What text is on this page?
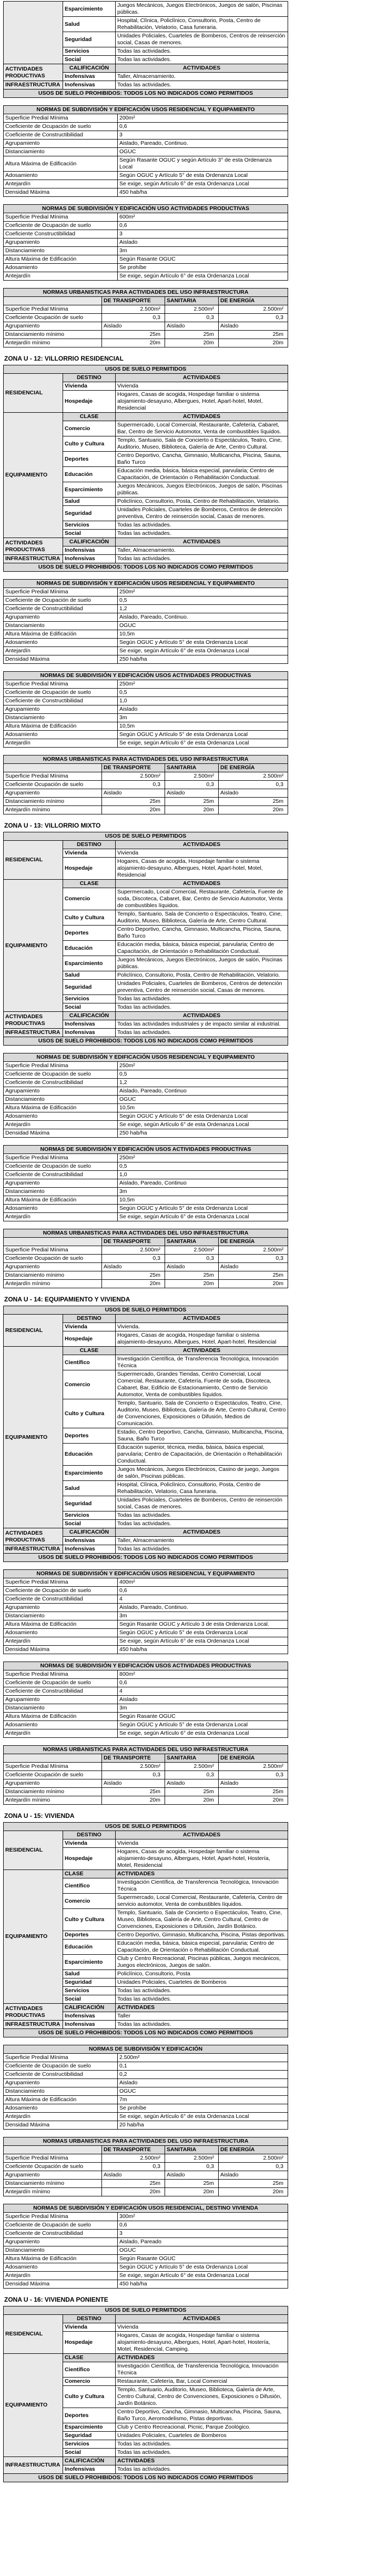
	Esparcimiento	Juegos Mecánicos, Juegos Electrónicos, Juegos de salón, Piscinas públicas.
	Salud	Hospital, Clínica, Policlínico, Consultorio, Posta, Centro de Rehabilitación, Velatorio, Casa funeraria.
	Seguridad	Unidades Policiales, Cuarteles de Bomberos, Centros de reinserción social, Casas de menores.
	Servicios	Todas las actividades.
	Social	Todas las actividades.
ACTIVIDADES PRODUCTIVAS	CALIFICACIÓN	ACTIVIDADES
	Inofensivas	Taller, Almacenamiento.
INFRAESTRUCTURA	Inofensivas	Todas las actividades.
USOS DE SUELO PROHIBIDOS: TODOS LOS NO INDICADOS COMO PERMITIDOS		
NORMAS DE SUBDIVISIÓN Y EDIFICACIÓN USOS RESIDENCIAL Y EQUIPAMIENTO	
Superficie Predial Mínima	200m²
Coeficiente de Ocupación de suelo	0,6
Coeficiente de Constructibilidad	3
Agrupamiento	Aislado, Pareado, Continuo.
Distanciamiento	OGUC
Altura Máxima de Edificación	Según Rasante OGUC y según Artículo 3° de esta Ordenanza Local
Adosamiento	Según OGUC y Artículo 5° de esta Ordenanza Local
Antejardín	Se exige, según Artículo 6° de esta Ordenanza Local
Densidad Máxima	450 hab/ha
NORMAS DE SUBDIVISIÓN Y EDIFICACIÓN USO ACTIVIDADES PRODUCTIVAS	
Superficie Predial Mínima	600m²
Coeficiente de Ocupación de suelo	0,6
Coeficiente Constructibilidad	3
Agrupamiento	Aislado
Distanciamiento	3m
Altura Máxima de Edificación	Según Rasante OGUC
Adosamiento	Se prohíbe
Antejardín	Se exige, según Artículo 6° de esta Ordenanza Local
NORMAS URBANISTICAS PARA ACTIVIDADES DEL USO INFRAESTRUCTURA			
	DE TRANSPORTE	SANITARIA	DE ENERGÍA
Superficie Predial Mínima	2.500m²	2.500m²	2.500m²
Coeficiente Ocupación de suelo	0,3	0,3	0,3
Agrupamiento	Aislado	Aislado	Aislado
Distanciamiento mínimo	25m	25m	25m
Antejardín mínimo	20m	20m	20m
ZONA U - 12: VILLORRIO RESIDENCIAL
USOS DE SUELO PERMITIDOS		
RESIDENCIAL	DESTINO	ACTIVIDADES
	Vivienda	Vivienda
	Hospedaje	Hogares, Casas de acogida, Hospedaje familiar o sistema alojamiento-desayuno, Albergues, Hotel, Apart-hotel, Motel, Residencial
EQUIPAMIENTO	CLASE	ACTIVIDADES
	Comercio	Supermercado, Local Comercial, Restaurante, Cafetería, Cabaret, Bar, Centro de Servicio Automotor, Venta de combustibles líquidos.
	Culto y Cultura	Templo, Santuario, Sala de Concierto o Espectáculos, Teatro, Cine, Auditorio, Museo, Biblioteca, Galería de Arte, Centro Cultural.
	Deportes	Centro Deportivo, Cancha, Gimnasio, Multicancha, Piscina, Sauna, Baño Turco
	Educación	Educación media, básica, básica especial, parvularia; Centro de Capacitación, de Orientación o Rehabilitación Conductual.
	Esparcimiento	Juegos Mecánicos, Juegos Electrónicos, Juegos de salón, Piscinas públicas.
	Salud	Policlínico, Consultorio, Posta, Centro de Rehabilitación, Velatorio.
	Seguridad	Unidades Policiales, Cuarteles de Bomberos, Centros de detención preventiva, Centro de reinserción social, Casas de menores.
	Servicios	Todas las actividades.
	Social	Todas las actividades.
ACTIVIDADES PRODUCTIVAS	CALIFICACIÓN	ACTIVIDADES
	Inofensivas	Taller, Almacenamiento.
INFRAESTRUCTURA	Inofensivas	Todas las actividades.
USOS DE SUELO PROHIBIDOS: TODOS LOS NO INDICADOS COMO PERMITIDOS		
NORMAS DE SUBDIVISIÓN Y EDIFICACIÓN USOS RESIDENCIAL Y EQUIPAMIENTO	
Superficie Predial Mínima	250m²
Coeficiente de Ocupación de suelo	0,5
Coeficiente de Constructibilidad	1,2
Agrupamiento	Aislado, Pareado, Continuo.
Distanciamiento	OGUC
Altura Máxima de Edificación	10,5m
Adosamiento	Según OGUC y Artículo 5° de esta Ordenanza Local
Antejardín	Se exige, según Artículo 6° de esta Ordenanza Local
Densidad Máxima	250 hab/ha
NORMAS DE SUBDIVISIÓN Y EDIFICACIÓN USOS ACTIVIDADES PRODUCTIVAS	
Superficie Predial Mínima	250m²
Coeficiente de Ocupación de suelo	0,5
Coeficiente de Constructibilidad	1,0
Agrupamiento	Aislado
Distanciamiento	3m
Altura Máxima de Edificación	10,5m
Adosamiento	Según OGUC y Artículo 5° de esta Ordenanza Local
Antejardín	Se exige, según Artículo 6° de esta Ordenanza Local
NORMAS URBANISTICAS PARA ACTIVIDADES DEL USO INFRAESTRUCTURA			
	DE TRANSPORTE	SANITARIA	DE ENERGÍA
Superficie Predial Mínima	2.500m²	2.500m²	2.500m²
Coeficiente Ocupación de suelo	0,3	0,3	0,3
Agrupamiento	Aislado	Aislado	Aislado
Distanciamiento mínimo	25m	25m	25m
Antejardín mínimo	20m	20m	20m
ZONA U - 13: VILLORRIO MIXTO
USOS DE SUELO PERMITIDOS		
RESIDENCIAL	DESTINO	ACTIVIDADES
	Vivienda	Vivienda
	Hospedaje	Hogares, Casas de acogida, Hospedaje familiar o sistema alojamiento-desayuno, Albergues, Hotel, Apart-hotel, Motel, Residencial
EQUIPAMIENTO	CLASE	ACTIVIDADES
	Comercio	Supermercado, Local Comercial, Restaurante, Cafetería, Fuente de soda, Discoteca, Cabaret, Bar, Centro de Servicio Automotor, Venta de combustibles líquidos.
	Culto y Cultura	Templo, Santuario, Sala de Concierto o Espectáculos, Teatro, Cine, Auditorio, Museo, Biblioteca, Galería de Arte, Centro Cultural.
	Deportes	Centro Deportivo, Cancha, Gimnasio, Multicancha, Piscina, Sauna, Baño Turco
	Educación	Educación media, básica, básica especial, parvularia; Centro de Capacitación, de Orientación o Rehabilitación Conductual.
	Esparcimiento	Juegos Mecánicos, Juegos Electrónicos, Juegos de salón, Piscinas públicas.
	Salud	Policlínico, Consultorio, Posta, Centro de Rehabilitación, Velatorio.
	Seguridad	Unidades Policiales, Cuarteles de Bomberos, Centros de detención preventiva, Centro de reinserción social, Casas de menores.
	Servicios	Todas las actividades.
	Social	Todas las actividades.
ACTIVIDADES PRODUCTIVAS	CALIFICACIÓN	ACTIVIDADES
	Inofensivas	Todas las actividades industriales y de impacto similar al industrial.
INFRAESTRUCTURA	Inofensivas	Todas las actividades.
USOS DE SUELO PROHIBIDOS: TODOS LOS NO INDICADOS COMO PERMITIDOS		
NORMAS DE SUBDIVISIÓN Y EDIFICACIÓN USOS RESIDENCIAL Y EQUIPAMIENTO	
Superficie Predial Mínima	250m²
Coeficiente de Ocupación de suelo	0,5
Coeficiente de Constructibilidad	1,2
Agrupamiento	Aislado, Pareado, Continuo
Distanciamiento	OGUC
Altura Máxima de Edificación	10,5m
Adosamiento	Según OGUC y Artículo 5° de esta Ordenanza Local
Antejardín	Se exige, según Artículo 6° de esta Ordenanza Local
Densidad Máxima	250 hab/ha
NORMAS DE SUBDIVISIÓN Y EDIFICACIÓN USOS ACTIVIDADES PRODUCTIVAS	
Superficie Predial Mínima	250m²
Coeficiente de Ocupación de suelo	0,5
Coeficiente de Constructibilidad	1,0
Agrupamiento	Aislado, Pareado, Continuo
Distanciamiento	3m
Altura Máxima de Edificación	10,5m
Adosamiento	Según OGUC y Artículo 5° de esta Ordenanza Local
Antejardín	Se exige, según Artículo 6° de esta Ordenanza Local
NORMAS URBANISTICAS PARA ACTIVIDADES DEL USO INFRAESTRUCTURA			
	DE TRANSPORTE	SANITARIA	DE ENERGÍA
Superficie Predial Mínima	2.500m²	2.500m²	2.500m²
Coeficiente Ocupación de suelo	0,3	0,3	0,3
Agrupamiento	Aislado	Aislado	Aislado
Distanciamiento mínimo	25m	25m	25m
Antejardín mínimo	20m	20m	20m
ZONA U - 14: EQUIPAMIENTO Y VIVIENDA
USOS DE SUELO PERMITIDOS		
RESIDENCIAL	DESTINO	ACTIVIDADES
	Vivienda	Vivienda.
	Hospedaje	Hogares, Casas de acogida, Hospedaje familiar o sistema alojamiento-desayuno, Albergues, Hotel, Apart-hotel, Residencial
EQUIPAMIENTO	CLASE	ACTIVIDADES
	Científico	Investigación Científica, de Transferencia Tecnológica, Innovación Técnica
	Comercio	Supermercado, Grandes Tiendas, Centro Comercial, Local Comercial, Restaurante, Cafetería, Fuente de soda, Discoteca, Cabaret, Bar, Edificio de Estacionamiento, Centro de Servicio Automotor, Venta de combustibles líquidos.
	Culto y Cultura	Templo, Santuario, Sala de Concierto o Espectáculos, Teatro, Cine, Auditorio, Museo, Biblioteca, Galería de Arte, Centro Cultural, Centro de Convenciones, Exposiciones o Difusión, Medios de Comunicación.
	Deportes	Estadio, Centro Deportivo, Cancha, Gimnasio, Multicancha, Piscina, Sauna, Baño Turco
	Educación	Educación superior, técnica, media, básica, básica especial, parvularia; Centro de Capacitación, de Orientación o Rehabilitación Conductual.
	Esparcimiento	Juegos Mecánicos, Juegos Electrónicos, Casino de juego, Juegos de salón, Piscinas públicas.
	Salud	Hospital, Clínica, Policlínico, Consultorio, Posta, Centro de Rehabilitación, Velatorio, Casa funeraria.
	Seguridad	Unidades Policiales, Cuarteles de Bomberos, Centro de reinserción social, Casas de menores.
	Servicios	Todas las actividades.
	Social	Todas las actividades.
ACTIVIDADES PRODUCTIVAS	CALIFICACIÓN	ACTIVIDADES
	Inofensivas	Taller, Almacenamiento
INFRAESTRUCTURA	Inofensivas	Todas las actividades.
USOS DE SUELO PROHIBIDOS: TODOS LOS NO INDICADOS COMO PERMITIDOS		
NORMAS DE SUBDIVISIÓN Y EDIFICACIÓN USOS RESIDENCIAL Y EQUIPAMIENTO	
Superficie Predial Mínima	400m²
Coeficiente de Ocupación de suelo	0,6
Coeficiente de Constructibilidad	4
Agrupamiento	Aislado, Pareado, Continuo.
Distanciamiento	3m
Altura Máxima de Edificación	Según Rasante OGUC y Artículo 3 de esta Ordenanza Local.
Adosamiento	Según OGUC y Artículo 5° de esta Ordenanza Local
Antejardín	Se exige, según Artículo 6° de esta Ordenanza Local
Densidad Máxima	450 hab/ha
NORMAS DE SUBDIVISIÓN Y EDIFICACIÓN USOS ACTIVIDADES PRODUCTIVAS	
Superficie Predial Mínima	800m²
Coeficiente de Ocupación de suelo	0,6
Coeficiente de Constructibilidad	4
Agrupamiento	Aislado
Distanciamiento	3m
Altura Máxima de Edificación	Según Rasante OGUC
Adosamiento	Según OGUC y Artículo 5° de esta Ordenanza Local
Antejardín	Se exige, según Artículo 6° de esta Ordenanza Local
NORMAS URBANISTICAS PARA ACTIVIDADES DEL USO INFRAESTRUCTURA			
	DE TRANSPORTE	SANITARIA	DE ENERGÍA
Superficie Predial Mínima	2.500m²	2.500m²	2.500m²
Coeficiente Ocupación de suelo	0,3	0,3	0,3
Agrupamiento	Aislado	Aislado	Aislado
Distanciamiento mínimo	25m	25m	25m
Antejardín mínimo	20m	20m	20m
ZONA U - 15: VIVIENDA
USOS DE SUELO PERMITIDOS		
RESIDENCIAL	DESTINO	ACTIVIDADES
	Vivienda	Vivienda
	Hospedaje	Hogares, Casas de acogida, Hospedaje familiar o sistema alojamiento-desayuno, Albergues, Hotel, Apart-hotel, Hostería, Motel, Residencial
EQUIPAMIENTO	CLASE	ACTIVIDADES
	Científico	Investigación Científica, de Transferencia Tecnológica, Innovación Técnica
	Comercio	Supermercado, Local Comercial, Restaurante, Cafetería, Centro de servicio automotor, Venta de combustibles líquidos.
	Culto y Cultura	Templo, Santuario, Sala de Concierto o Espectáculos, Teatro, Cine, Museo, Biblioteca, Galería de Arte, Centro Cultural, Centro de Convenciones, Exposiciones o Difusión, Jardín Botánico.
	Deportes	Centro Deportivo, Gimnasio, Multicancha, Piscina, Pistas deportivas.
	Educación	Educación media, básica, básica especial, parvularia; Centro de Capacitación, de Orientación o Rehabilitación Conductual.
	Esparcimiento	Club y Centro Recreacional, Piscinas públicas, Juegos mecánicos, Juegos electrónicos, Juegos de salón.
	Salud	Policlínico, Consultorio, Posta
	Seguridad	Unidades Policiales, Cuarteles de Bomberos
	Servicios	Todas las actividades.
	Social	Todas las actividades.
ACTIVIDADES PRODUCTIVAS	CALIFICACIÓN	ACTIVIDADES
	Inofensivas	Taller
INFRAESTRUCTURA	Inofensivas	Todas las actividades.
USOS DE SUELO PROHIBIDOS: TODOS LOS NO INDICADOS COMO PERMITIDOS		
NORMAS DE SUBDIVISIÓN Y EDIFICACIÓN	
Superficie Predial Mínima	2.500m²
Coeficiente de Ocupación de suelo	0,1
Coeficiente de Constructibilidad	0,2
Agrupamiento	Aislado
Distanciamiento	OGUC
Altura Máxima de Edificación	7m
Adosamiento	Se prohíbe
Antejardín	Se exige, según Artículo 6° de esta Ordenanza Local
Densidad Máxima	20 hab/ha
NORMAS URBANISTICAS PARA ACTIVIDADES DEL USO INFRAESTRUCTURA			
	DE TRANSPORTE	SANITARIA	DE ENERGÍA
Superficie Predial Mínima	2.500m²	2.500m²	2.500m²
Coeficiente Ocupación de suelo	0,3	0,3	0,3
Agrupamiento	Aislado	Aislado	Aislado
Distanciamiento mínimo	25m	25m	25m
Antejardín mínimo	20m	20m	20m
NORMAS DE SUBDIVISIÓN Y EDIFICACIÓN USOS RESIDENCIAL, DESTINO VIVIENDA	
Superficie Predial Mínima	300m²
Coeficiente de Ocupación de suelo	0,6
Coeficiente de Constructibilidad	3
Agrupamiento	Aislado, Pareado
Distanciamiento	OGUC
Altura Máxima de Edificación	Según Rasante OGUC
Adosamiento	Según OGUC y Artículo 5° de esta Ordenanza Local
Antejardín	Se exige, según Artículo 6° de esta Ordenanza Local
Densidad Máxima	450 hab/ha
ZONA U - 16: VIVIENDA PONIENTE
USOS DE SUELO PERMITIDOS		
RESIDENCIAL	DESTINO	ACTIVIDADES
	Vivienda	Vivienda
	Hospedaje	Hogares, Casas de acogida, Hospedaje familiar o sistema alojamiento-desayuno, Albergues, Hotel, Apart-hotel, Hostería, Motel, Residencial, Camping.
EQUIPAMIENTO	CLASE	ACTIVIDADES
	Científico	Investigación Científica, de Transferencia Tecnológica, Innovación Técnica
	Comercio	Restaurante, Cafetería, Bar, Local Comercial
	Culto y Cultura	Templo, Santuario, Auditorio, Museo, Biblioteca, Galería de Arte, Centro Cultural, Centro de Convenciones, Exposiciones o Difusión, Jardín Botánico.
	Deportes	Centro Deportivo, Cancha, Gimnasio, Multicancha, Piscina, Sauna, Baño Turco, Aeromodelismo, Pistas deportivas.
	Esparcimiento	Club y Centro Recreacional, Picnic, Parque Zoológico.
	Seguridad	Unidades Policiales, Cuarteles de Bomberos
	Servicios	Todas las actividades.
	Social	Todas las actividades.
INFRAESTRUCTURA	CALIFICACIÓN	ACTIVIDADES
	Inofensivas	Todas las actividades.
USOS DE SUELO PROHIBIDOS: TODOS LOS NO INDICADOS COMO PERMITIDOS		
